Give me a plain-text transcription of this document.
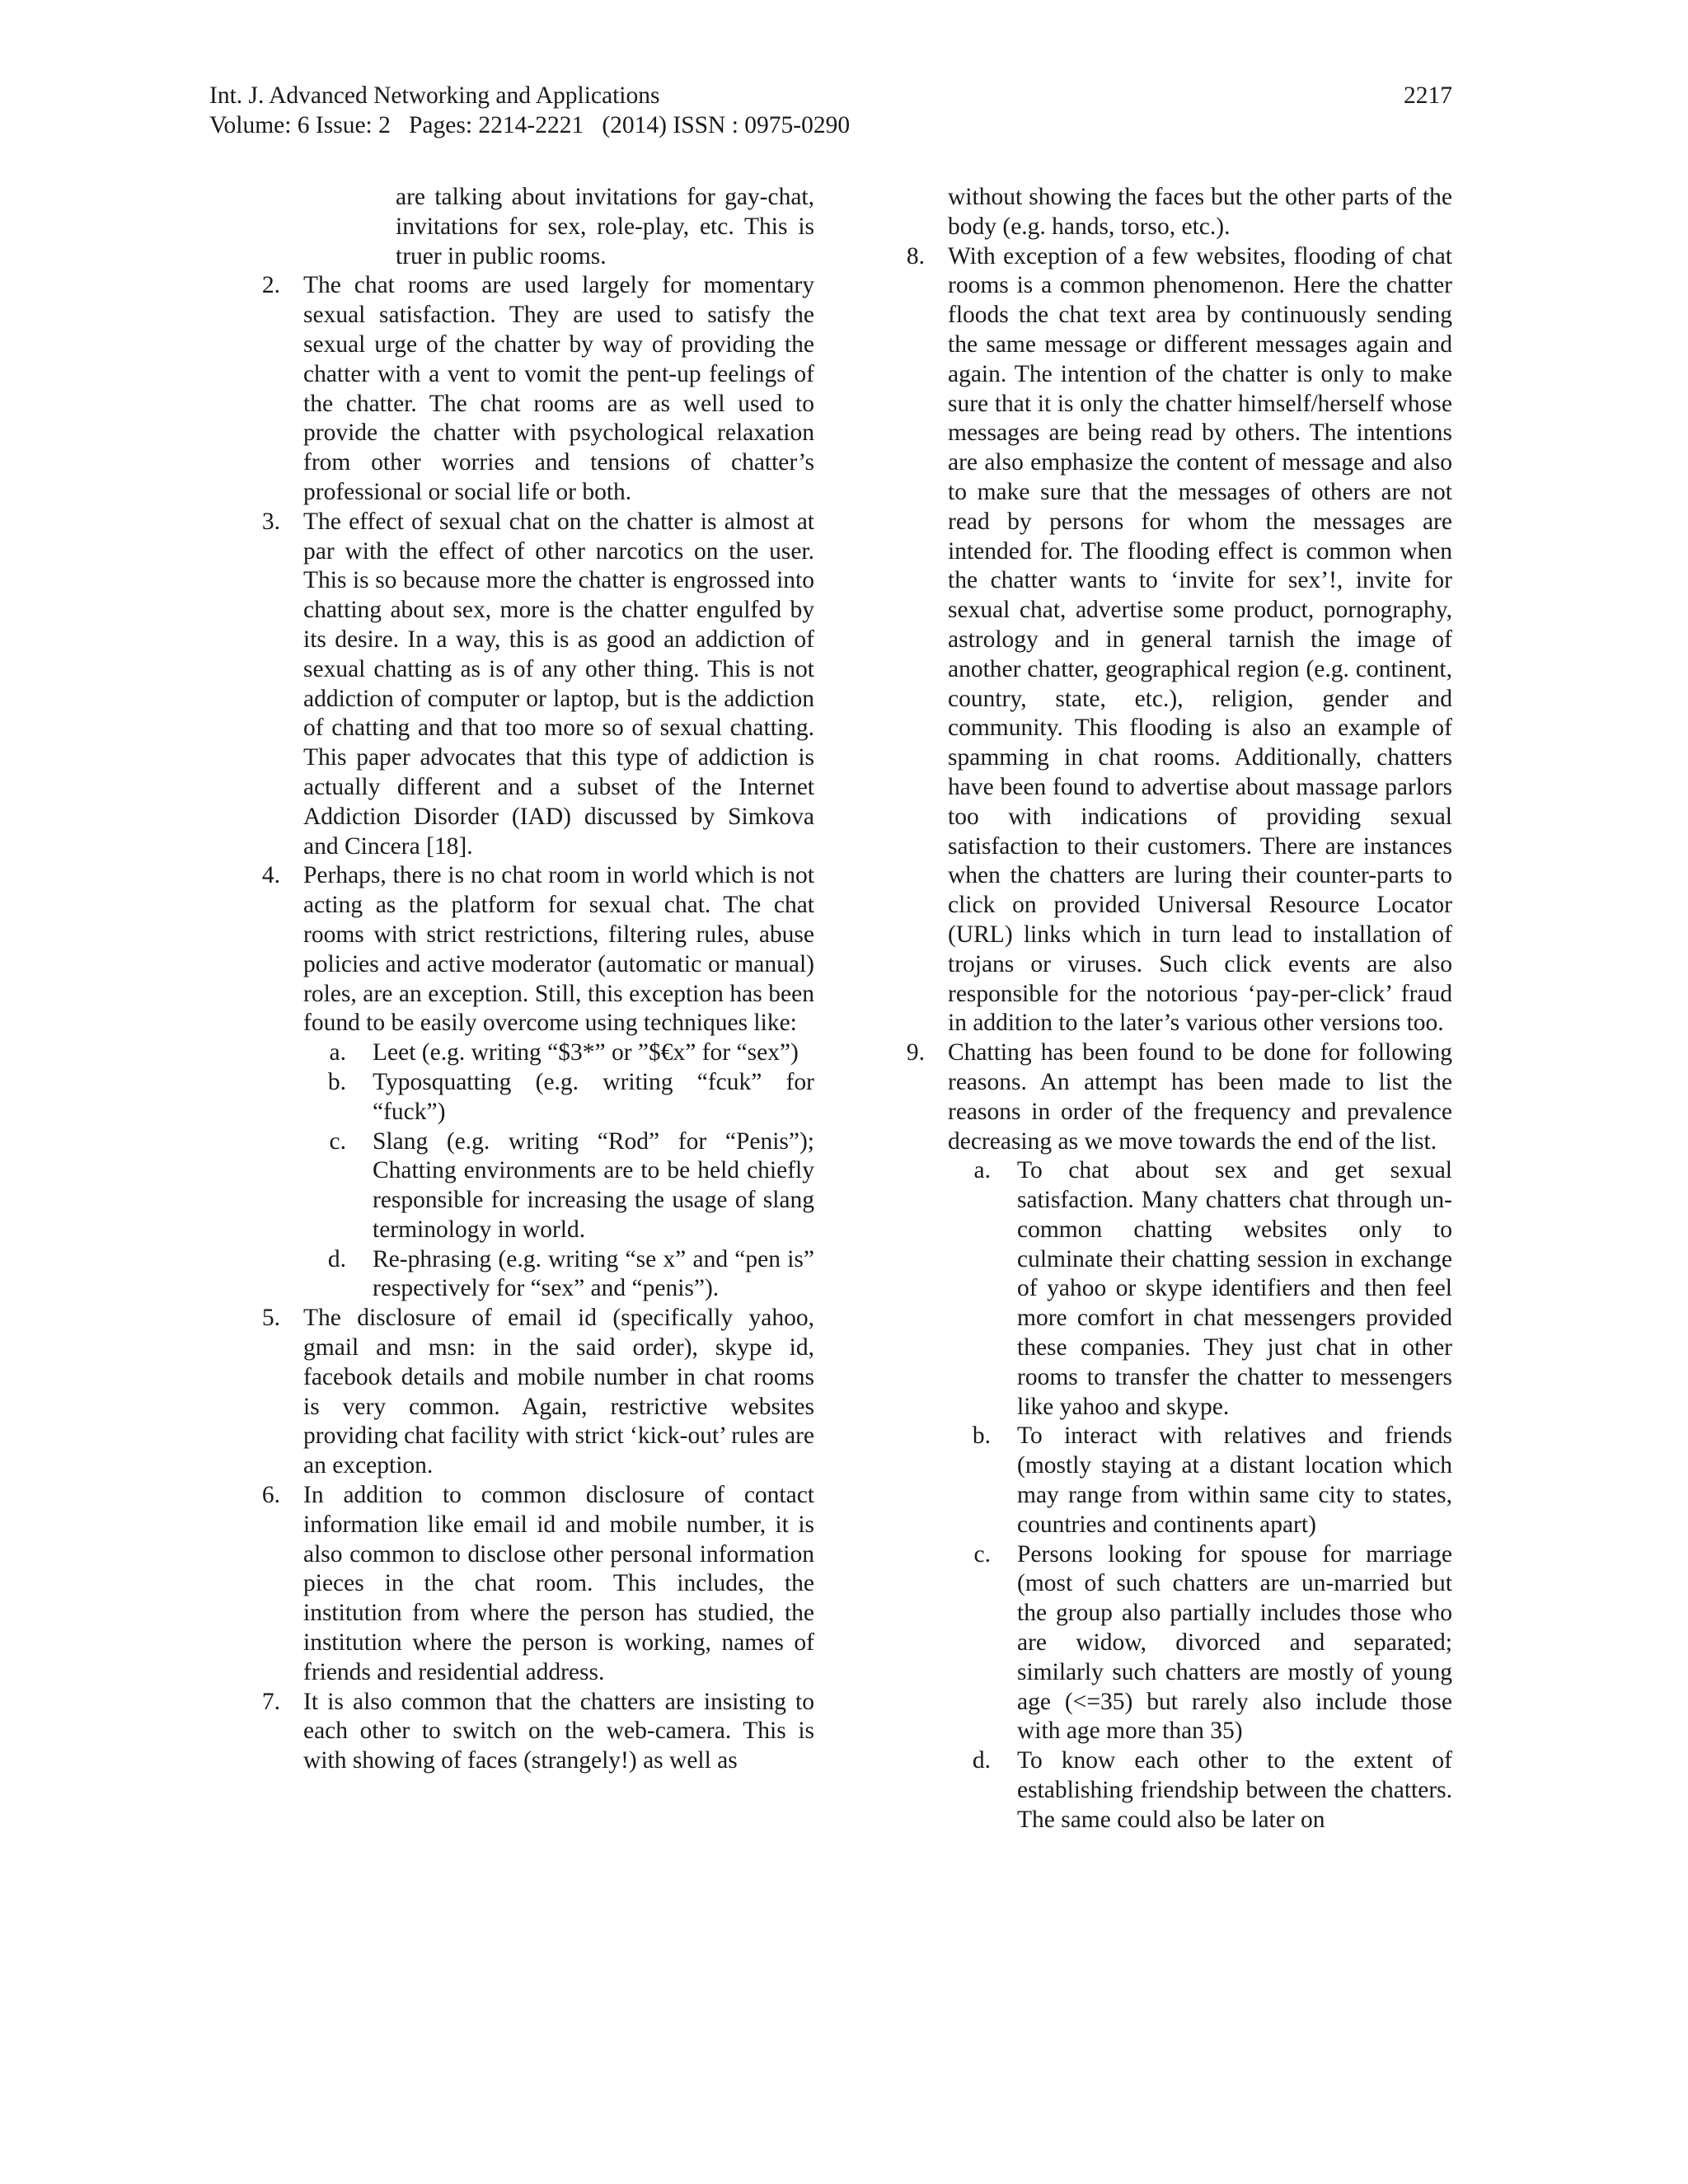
Int. J. Advanced Networking and Applications
Volume: 6 Issue: 2   Pages: 2214-2221   (2014) ISSN : 0975-0290
2217

are talking about invitations for gay-chat, invitations for sex, role-play, etc. This is truer in public rooms.

2. The chat rooms are used largely for momentary sexual satisfaction. They are used to satisfy the sexual urge of the chatter by way of providing the chatter with a vent to vomit the pent-up feelings of the chatter. The chat rooms are as well used to provide the chatter with psychological relaxation from other worries and tensions of chatter’s professional or social life or both.

3. The effect of sexual chat on the chatter is almost at par with the effect of other narcotics on the user. This is so because more the chatter is engrossed into chatting about sex, more is the chatter engulfed by its desire. In a way, this is as good an addiction of sexual chatting as is of any other thing. This is not addiction of computer or laptop, but is the addiction of chatting and that too more so of sexual chatting. This paper advocates that this type of addiction is actually different and a subset of the Internet Addiction Disorder (IAD) discussed by Simkova and Cincera [18].

4. Perhaps, there is no chat room in world which is not acting as the platform for sexual chat. The chat rooms with strict restrictions, filtering rules, abuse policies and active moderator (automatic or manual) roles, are an exception. Still, this exception has been found to be easily overcome using techniques like:

a. Leet (e.g. writing “$3*” or ”$€x” for “sex”)

b. Typosquatting (e.g. writing “fcuk” for “fuck”)

c. Slang (e.g. writing “Rod” for “Penis”); Chatting environments are to be held chiefly responsible for increasing the usage of slang terminology in world.

d. Re-phrasing (e.g. writing “se x” and “pen is” respectively for “sex” and “penis”).

5. The disclosure of email id (specifically yahoo, gmail and msn: in the said order), skype id, facebook details and mobile number in chat rooms is very common. Again, restrictive websites providing chat facility with strict ‘kick-out’ rules are an exception.

6. In addition to common disclosure of contact information like email id and mobile number, it is also common to disclose other personal information pieces in the chat room. This includes, the institution from where the person has studied, the institution where the person is working, names of friends and residential address.

7. It is also common that the chatters are insisting to each other to switch on the web-camera. This is with showing of faces (strangely!) as well as

without showing the faces but the other parts of the body (e.g. hands, torso, etc.).

8. With exception of a few websites, flooding of chat rooms is a common phenomenon. Here the chatter floods the chat text area by continuously sending the same message or different messages again and again. The intention of the chatter is only to make sure that it is only the chatter himself/herself whose messages are being read by others. The intentions are also emphasize the content of message and also to make sure that the messages of others are not read by persons for whom the messages are intended for. The flooding effect is common when the chatter wants to ‘invite for sex’!, invite for sexual chat, advertise some product, pornography, astrology and in general tarnish the image of another chatter, geographical region (e.g. continent, country, state, etc.), religion, gender and community. This flooding is also an example of spamming in chat rooms. Additionally, chatters have been found to advertise about massage parlors too with indications of providing sexual satisfaction to their customers. There are instances when the chatters are luring their counter-parts to click on provided Universal Resource Locator (URL) links which in turn lead to installation of trojans or viruses. Such click events are also responsible for the notorious ‘pay-per-click’ fraud in addition to the later’s various other versions too.

9. Chatting has been found to be done for following reasons. An attempt has been made to list the reasons in order of the frequency and prevalence decreasing as we move towards the end of the list.

a. To chat about sex and get sexual satisfaction. Many chatters chat through un-common chatting websites only to culminate their chatting session in exchange of yahoo or skype identifiers and then feel more comfort in chat messengers provided these companies. They just chat in other rooms to transfer the chatter to messengers like yahoo and skype.

b. To interact with relatives and friends (mostly staying at a distant location which may range from within same city to states, countries and continents apart)

c. Persons looking for spouse for marriage (most of such chatters are un-married but the group also partially includes those who are widow, divorced and separated; similarly such chatters are mostly of young age (<=35) but rarely also include those with age more than 35)

d. To know each other to the extent of establishing friendship between the chatters. The same could also be later on
